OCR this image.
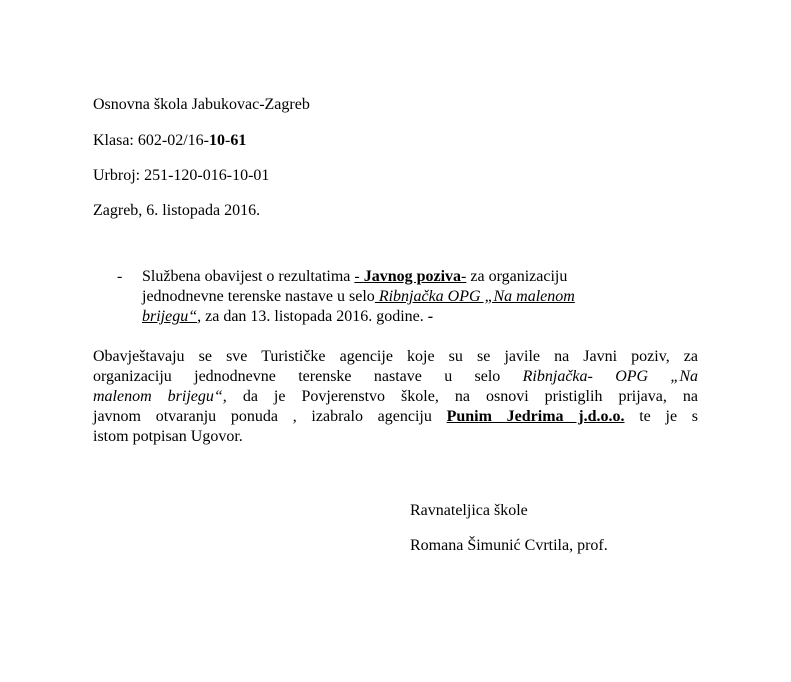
Osnovna škola Jabukovac-Zagreb
Klasa: 602-02/16-10-61
Urbroj: 251-120-016-10-01
Zagreb, 6. listopada 2016.
- Službena obavijest o rezultatima - Javnog poziva- za organizaciju
jednodnevne terenske nastave u selo Ribnjačka OPG „Na malenom
brijegu“, za dan 13. listopada 2016. godine. -
Obavještavaju se sve Turističke agencije koje su se javile na Javni poziv, za
organizaciju jednodnevne terenske nastave u selo Ribnjačka- OPG „Na
malenom brijegu“, da je Povjerenstvo škole, na osnovi pristiglih prijava, na
javnom otvaranju ponuda , izabralo agenciju Punim Jedrima j.d.o.o. te je s
istom potpisan Ugovor.
Ravnateljica škole
Romana Šimunić Cvrtila, prof.
